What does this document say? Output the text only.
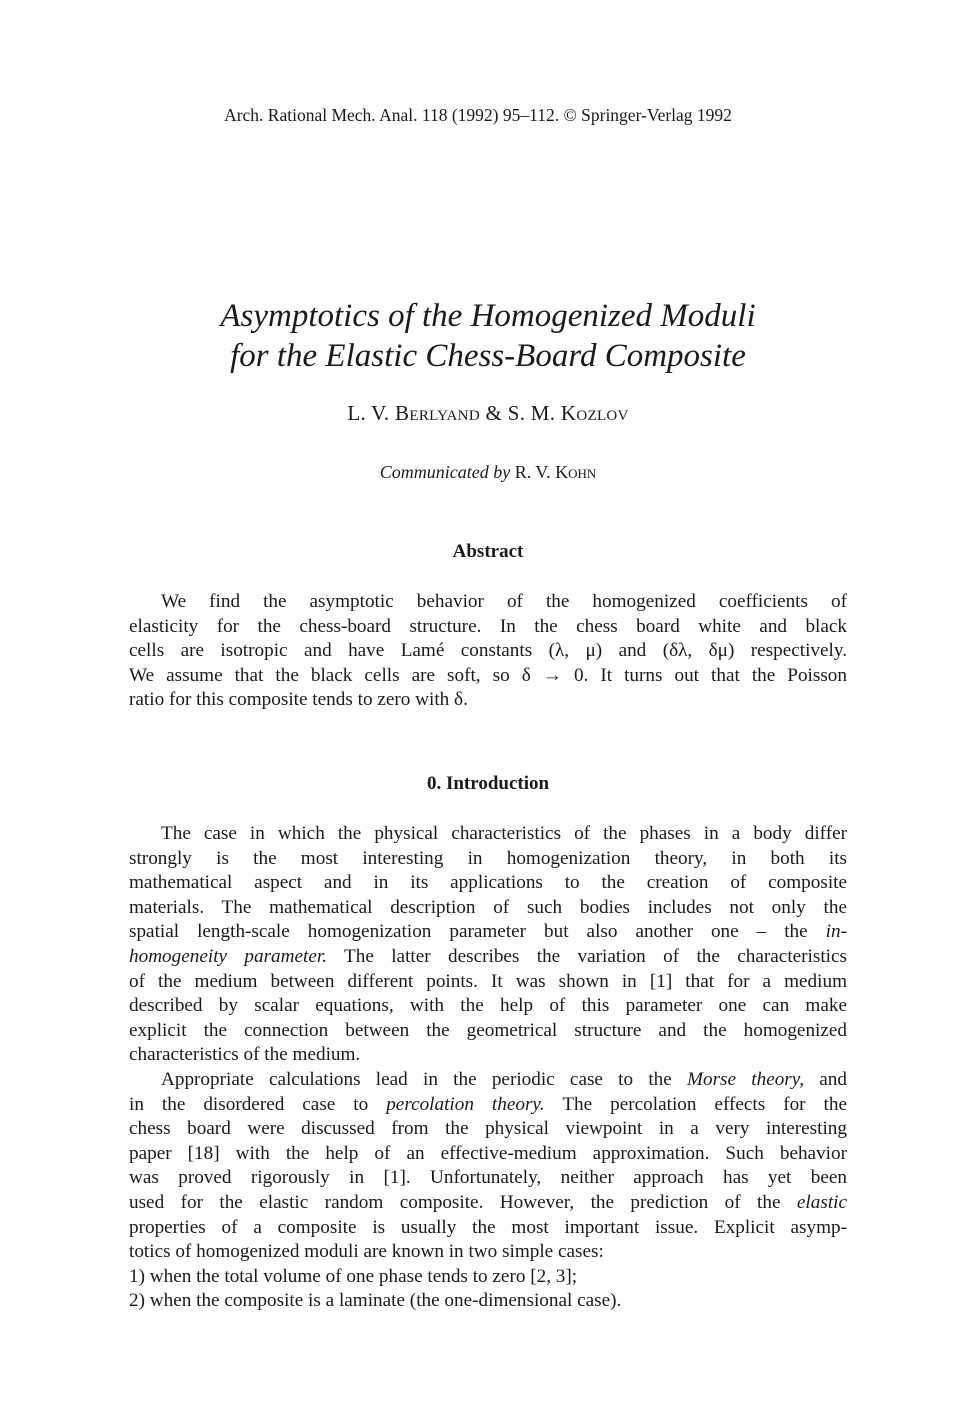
Arch. Rational Mech. Anal. 118 (1992) 95–112. © Springer-Verlag 1992
Asymptotics of the Homogenized Moduli
for the Elastic Chess-Board Composite
L. V. Berlyand & S. M. Kozlov
Communicated by R. V. Kohn
Abstract
We find the asymptotic behavior of the homogenized coefficients of
elasticity for the chess-board structure. In the chess board white and black
cells are isotropic and have Lamé constants (λ, μ) and (δλ, δμ) respectively.
We assume that the black cells are soft, so δ → 0. It turns out that the Poisson
ratio for this composite tends to zero with δ.
0. Introduction
The case in which the physical characteristics of the phases in a body differ
strongly is the most interesting in homogenization theory, in both its
mathematical aspect and in its applications to the creation of composite
materials. The mathematical description of such bodies includes not only the
spatial length-scale homogenization parameter but also another one – the in-
homogeneity parameter. The latter describes the variation of the characteristics
of the medium between different points. It was shown in [1] that for a medium
described by scalar equations, with the help of this parameter one can make
explicit the connection between the geometrical structure and the homogenized
characteristics of the medium.
Appropriate calculations lead in the periodic case to the Morse theory, and
in the disordered case to percolation theory. The percolation effects for the
chess board were discussed from the physical viewpoint in a very interesting
paper [18] with the help of an effective-medium approximation. Such behavior
was proved rigorously in [1]. Unfortunately, neither approach has yet been
used for the elastic random composite. However, the prediction of the elastic
properties of a composite is usually the most important issue. Explicit asymp-
totics of homogenized moduli are known in two simple cases:
1) when the total volume of one phase tends to zero [2, 3];
2) when the composite is a laminate (the one-dimensional case).
